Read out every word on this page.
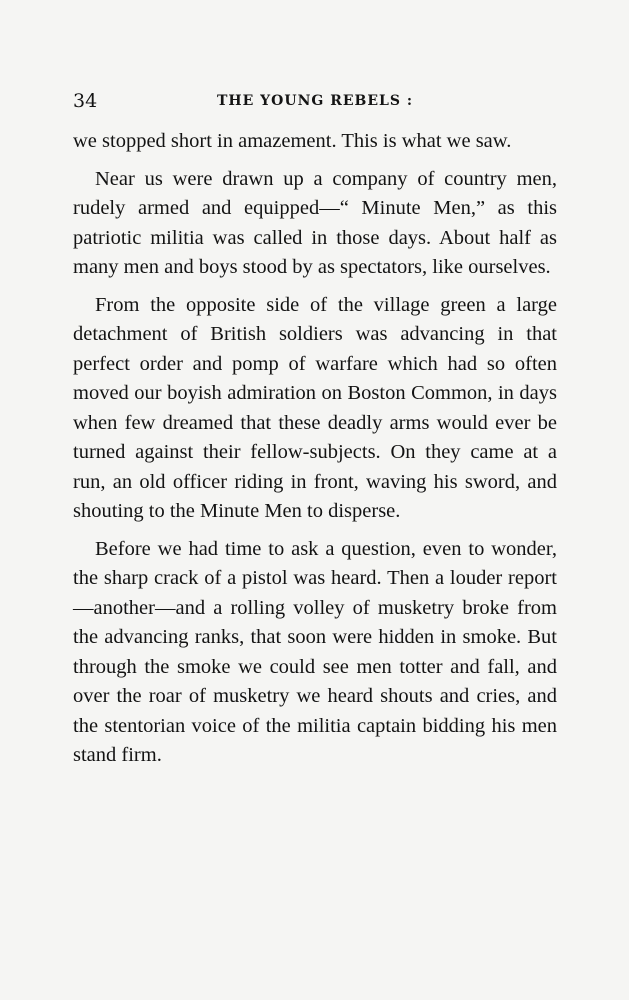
34	THE YOUNG REBELS :

we stopped short in amazement. This is what we saw.

Near us were drawn up a company of country men, rudely armed and equipped—“ Minute Men,” as this patriotic militia was called in those days. About half as many men and boys stood by as spectators, like ourselves.

From the opposite side of the village green a large detachment of British soldiers was advancing in that perfect order and pomp of warfare which had so often moved our boyish admiration on Boston Common, in days when few dreamed that these deadly arms would ever be turned against their fellow-subjects. On they came at a run, an old officer riding in front, waving his sword, and shouting to the Minute Men to disperse.

Before we had time to ask a question, even to wonder, the sharp crack of a pistol was heard. Then a louder report—another—and a rolling volley of musketry broke from the advancing ranks, that soon were hidden in smoke. But through the smoke we could see men totter and fall, and over the roar of musketry we heard shouts and cries, and the stentorian voice of the militia captain bidding his men stand firm.
